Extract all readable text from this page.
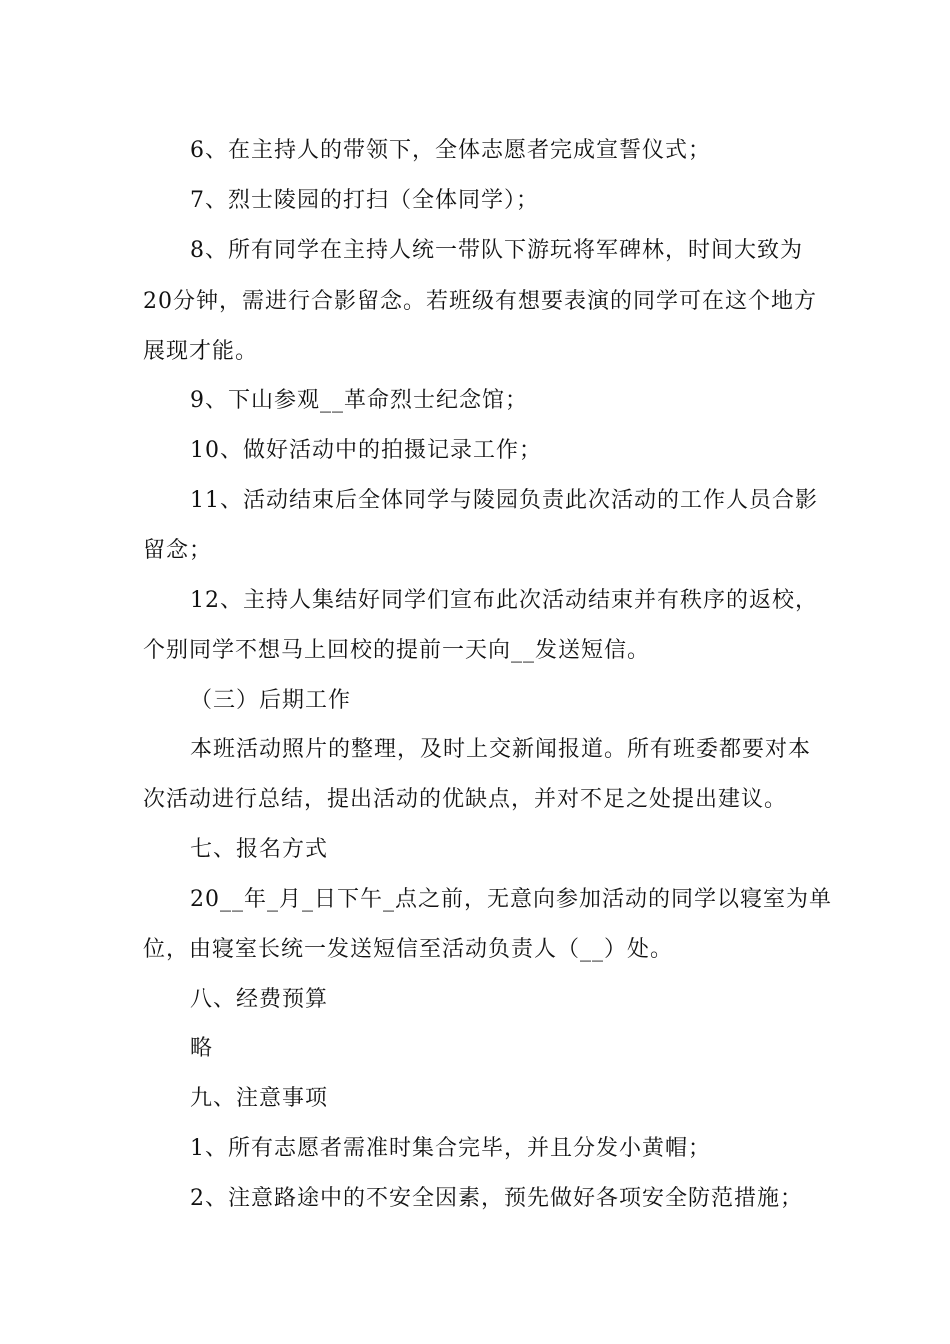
6、在主持人的带领下，全体志愿者完成宣誓仪式；
7、烈士陵园的打扫（全体同学）；
8、所有同学在主持人统一带队下游玩将军碑林，时间大致为
20分钟，需进行合影留念。若班级有想要表演的同学可在这个地方
展现才能。
9、下山参观__革命烈士纪念馆；
10、做好活动中的拍摄记录工作；
11、活动结束后全体同学与陵园负责此次活动的工作人员合影
留念；
12、主持人集结好同学们宣布此次活动结束并有秩序的返校，
个别同学不想马上回校的提前一天向__发送短信。
（三）后期工作
本班活动照片的整理，及时上交新闻报道。所有班委都要对本
次活动进行总结，提出活动的优缺点，并对不足之处提出建议。
七、报名方式
20__年_月_日下午_点之前，无意向参加活动的同学以寝室为单
位，由寝室长统一发送短信至活动负责人（__）处。
八、经费预算
略
九、注意事项
1、所有志愿者需准时集合完毕，并且分发小黄帽；
2、注意路途中的不安全因素，预先做好各项安全防范措施；
